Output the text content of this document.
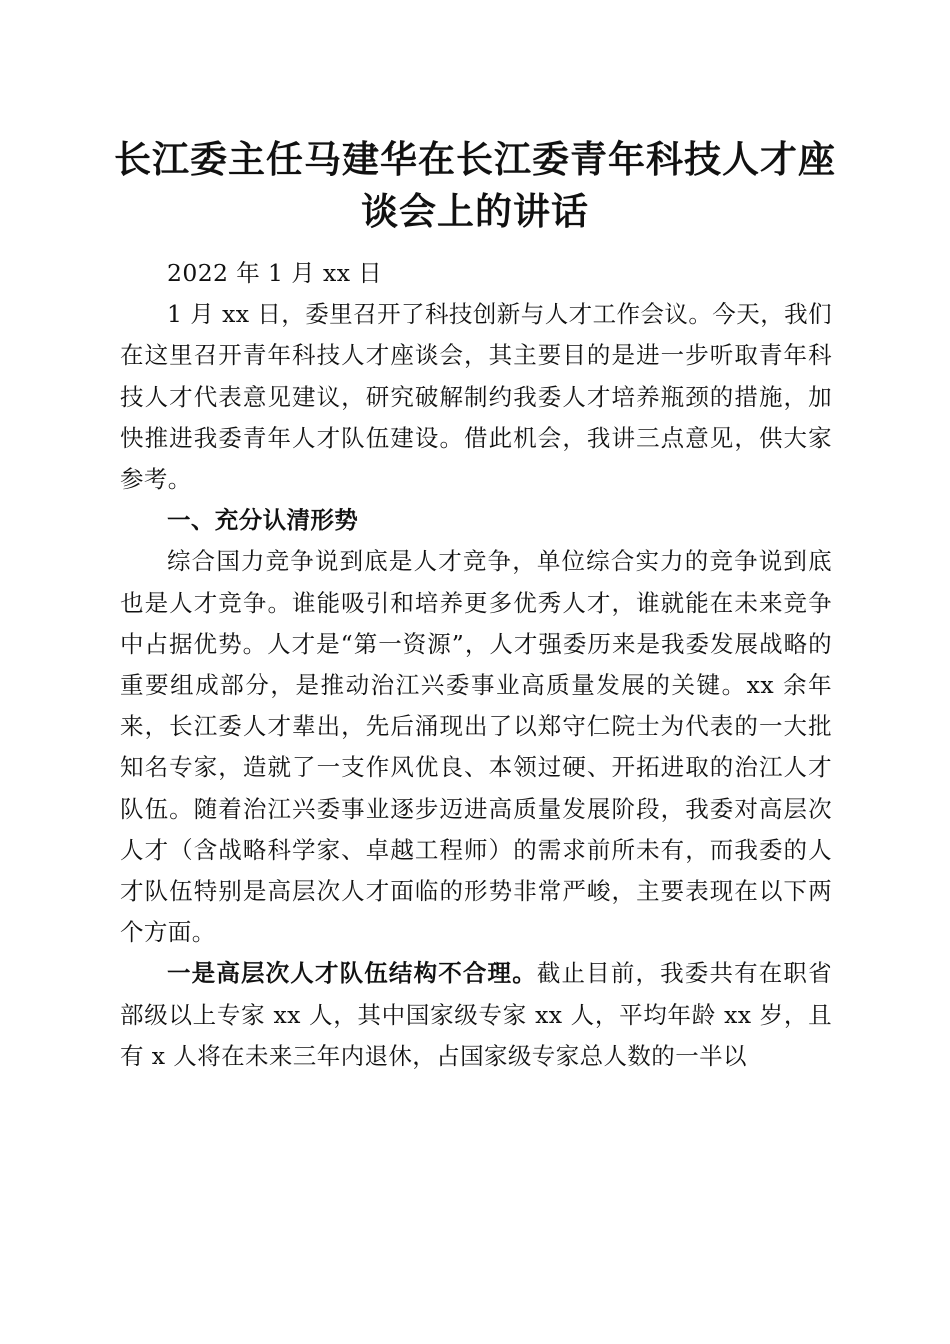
长江委主任马建华在长江委青年科技人才座谈会上的讲话

2022 年 1 月 xx 日

1 月 xx 日，委里召开了科技创新与人才工作会议。今天，我们在这里召开青年科技人才座谈会，其主要目的是进一步听取青年科技人才代表意见建议，研究破解制约我委人才培养瓶颈的措施，加快推进我委青年人才队伍建设。借此机会，我讲三点意见，供大家参考。

一、充分认清形势

综合国力竞争说到底是人才竞争，单位综合实力的竞争说到底也是人才竞争。谁能吸引和培养更多优秀人才，谁就能在未来竞争中占据优势。人才是“第一资源”，人才强委历来是我委发展战略的重要组成部分，是推动治江兴委事业高质量发展的关键。xx 余年来，长江委人才辈出，先后涌现出了以郑守仁院士为代表的一大批知名专家，造就了一支作风优良、本领过硬、开拓进取的治江人才队伍。随着治江兴委事业逐步迈进高质量发展阶段，我委对高层次人才（含战略科学家、卓越工程师）的需求前所未有，而我委的人才队伍特别是高层次人才面临的形势非常严峻，主要表现在以下两个方面。

一是高层次人才队伍结构不合理。截止目前，我委共有在职省部级以上专家 xx 人，其中国家级专家 xx 人，平均年龄 xx 岁，且有 x 人将在未来三年内退休，占国家级专家总人数的一半以
